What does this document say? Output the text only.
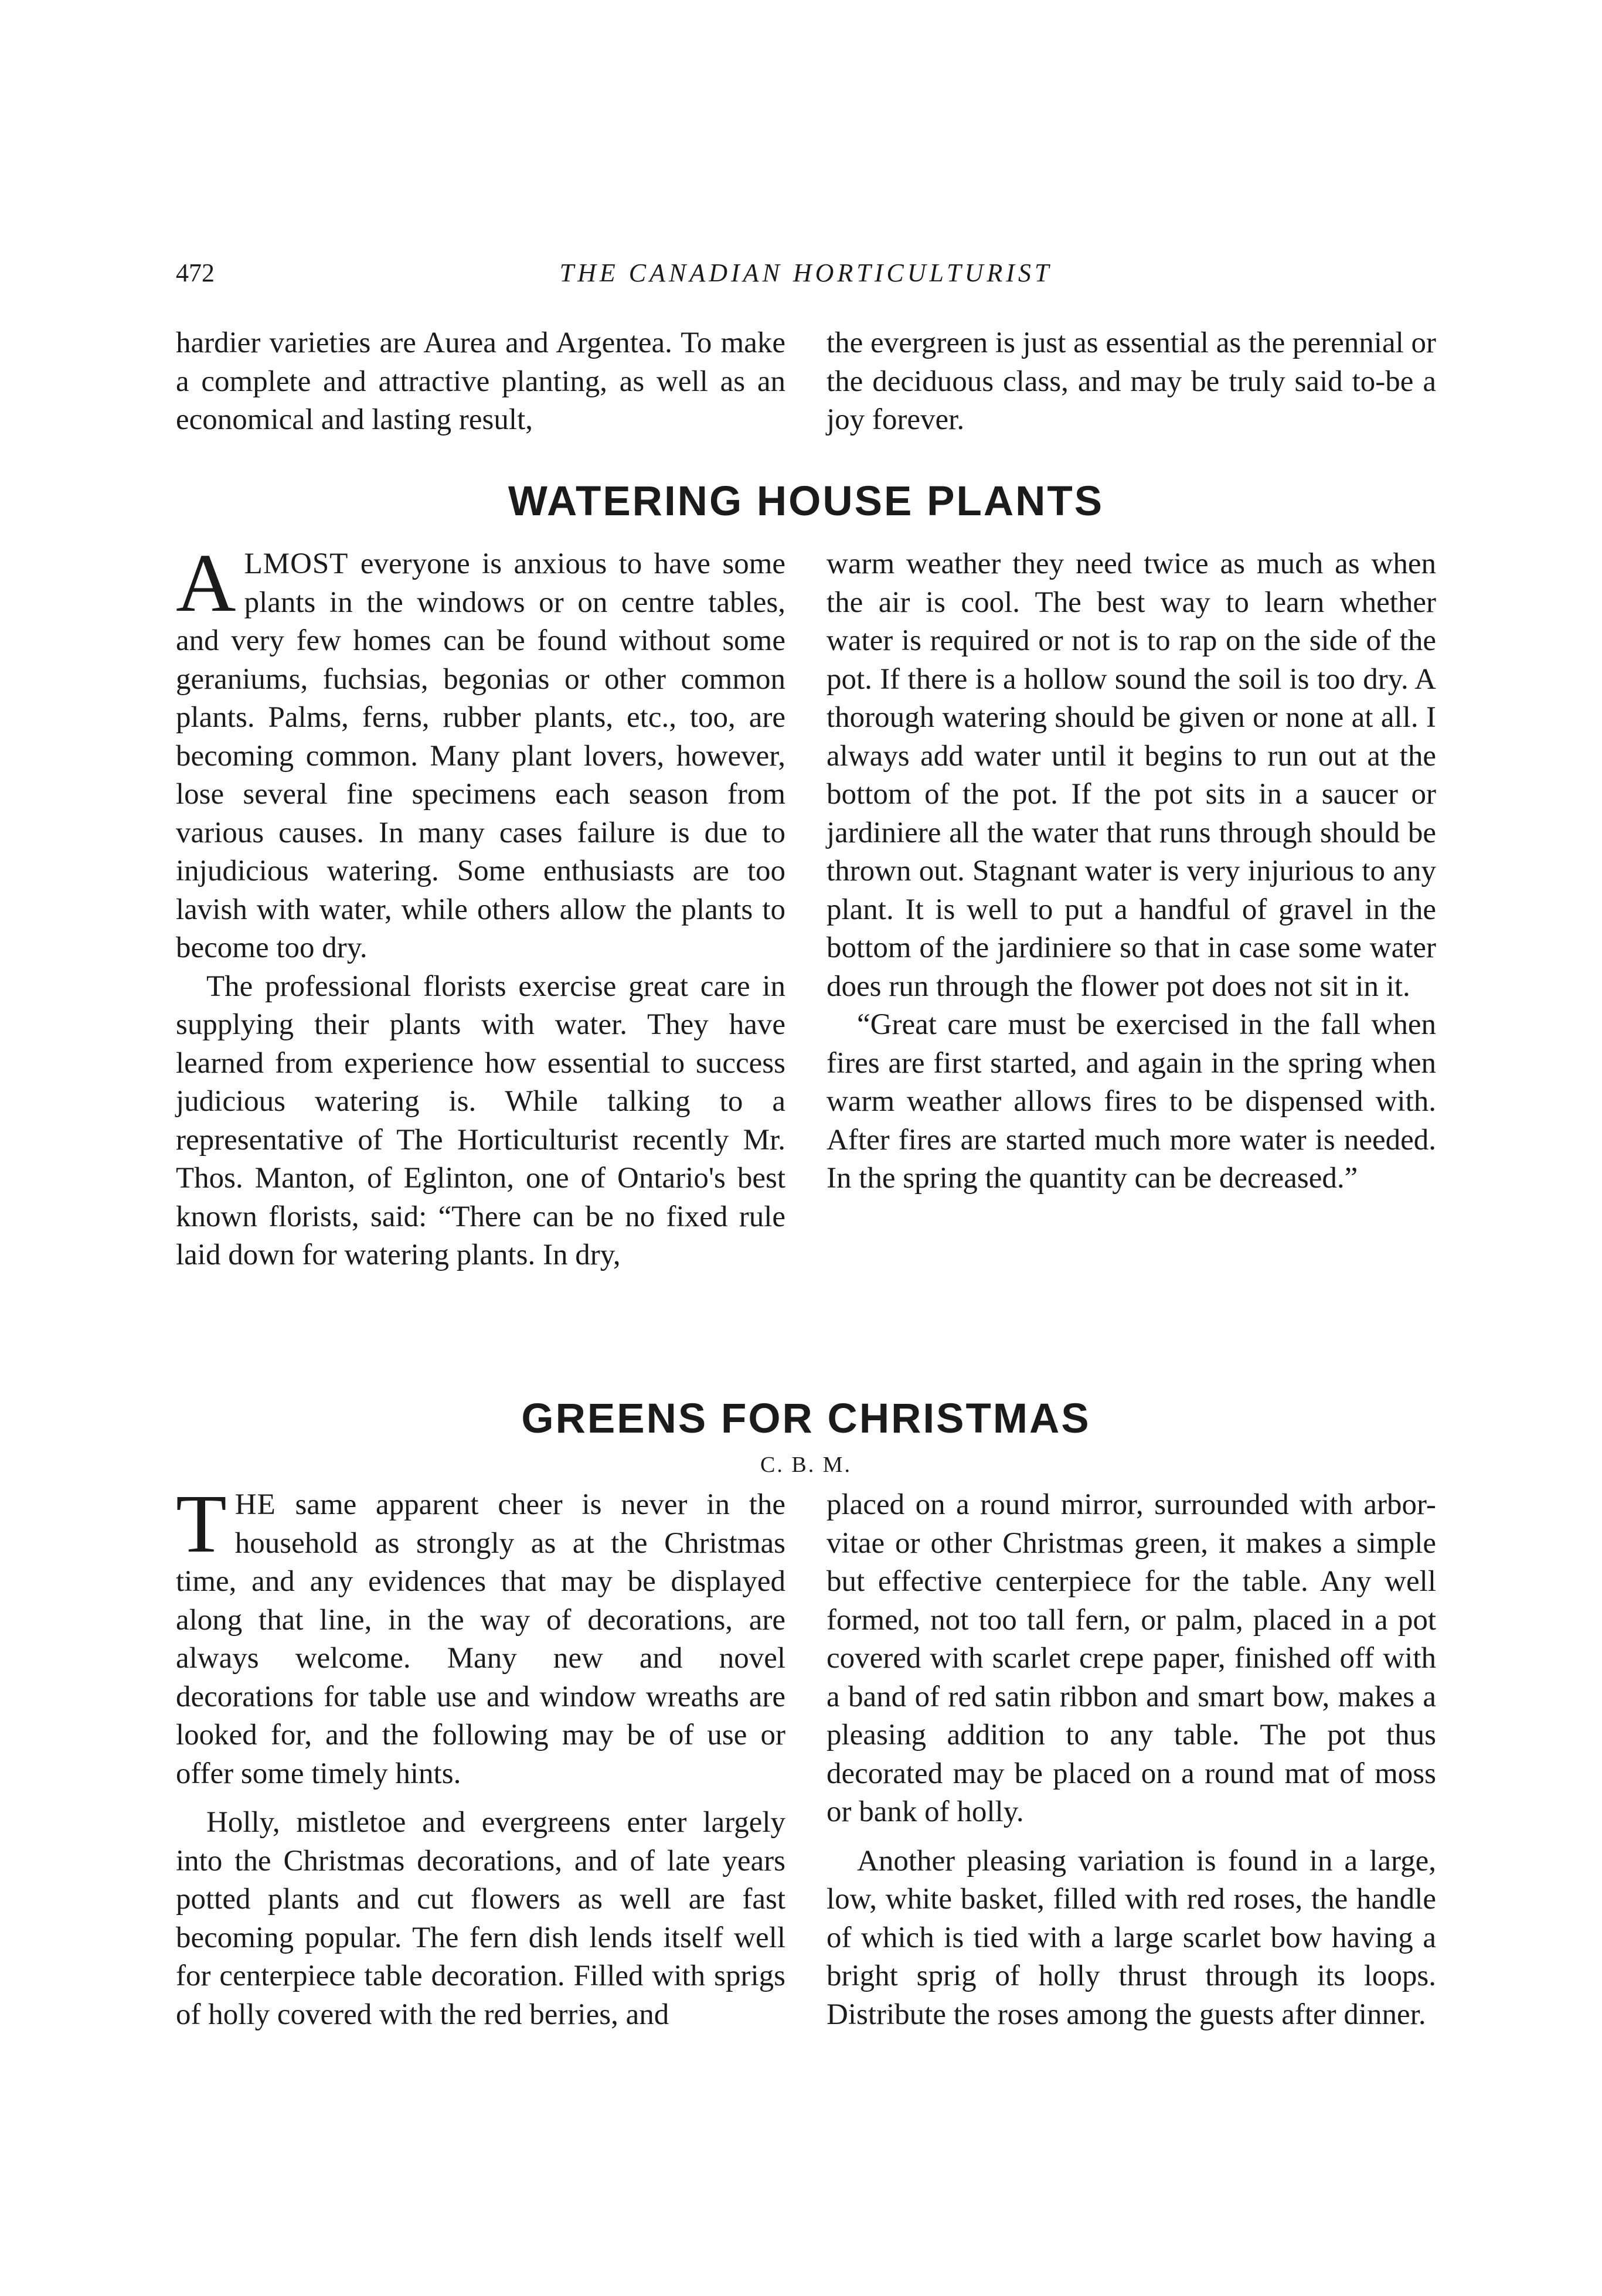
472	THE CANADIAN HORTICULTURIST

hardier varieties are Aurea and Argentea. To make a complete and attractive planting, as well as an economical and lasting result,

the evergreen is just as essential as the perennial or the deciduous class, and may be truly said to-be a joy forever.

WATERING HOUSE PLANTS

ALMOST everyone is anxious to have some plants in the windows or on centre tables, and very few homes can be found without some geraniums, fuchsias, begonias or other common plants. Palms, ferns, rubber plants, etc., too, are becoming common. Many plant lovers, however, lose several fine specimens each season from various causes. In many cases failure is due to injudicious watering. Some enthusiasts are too lavish with water, while others allow the plants to become too dry.

The professional florists exercise great care in supplying their plants with water. They have learned from experience how essential to success judicious watering is. While talking to a representative of The Horticulturist recently Mr. Thos. Manton, of Eglinton, one of Ontario's best known florists, said: “There can be no fixed rule laid down for watering plants. In dry,

warm weather they need twice as much as when the air is cool. The best way to learn whether water is required or not is to rap on the side of the pot. If there is a hollow sound the soil is too dry. A thorough watering should be given or none at all. I always add water until it begins to run out at the bottom of the pot. If the pot sits in a saucer or jardiniere all the water that runs through should be thrown out. Stagnant water is very injurious to any plant. It is well to put a handful of gravel in the bottom of the jardiniere so that in case some water does run through the flower pot does not sit in it.

“Great care must be exercised in the fall when fires are first started, and again in the spring when warm weather allows fires to be dispensed with. After fires are started much more water is needed. In the spring the quantity can be decreased.”

GREENS FOR CHRISTMAS
C. B. M.

THE same apparent cheer is never in the household as strongly as at the Christmas time, and any evidences that may be displayed along that line, in the way of decorations, are always welcome. Many new and novel decorations for table use and window wreaths are looked for, and the following may be of use or offer some timely hints.

Holly, mistletoe and evergreens enter largely into the Christmas decorations, and of late years potted plants and cut flowers as well are fast becoming popular. The fern dish lends itself well for centerpiece table decoration. Filled with sprigs of holly covered with the red berries, and

placed on a round mirror, surrounded with arbor-vitae or other Christmas green, it makes a simple but effective centerpiece for the table. Any well formed, not too tall fern, or palm, placed in a pot covered with scarlet crepe paper, finished off with a band of red satin ribbon and smart bow, makes a pleasing addition to any table. The pot thus decorated may be placed on a round mat of moss or bank of holly.

Another pleasing variation is found in a large, low, white basket, filled with red roses, the handle of which is tied with a large scarlet bow having a bright sprig of holly thrust through its loops. Distribute the roses among the guests after dinner.
